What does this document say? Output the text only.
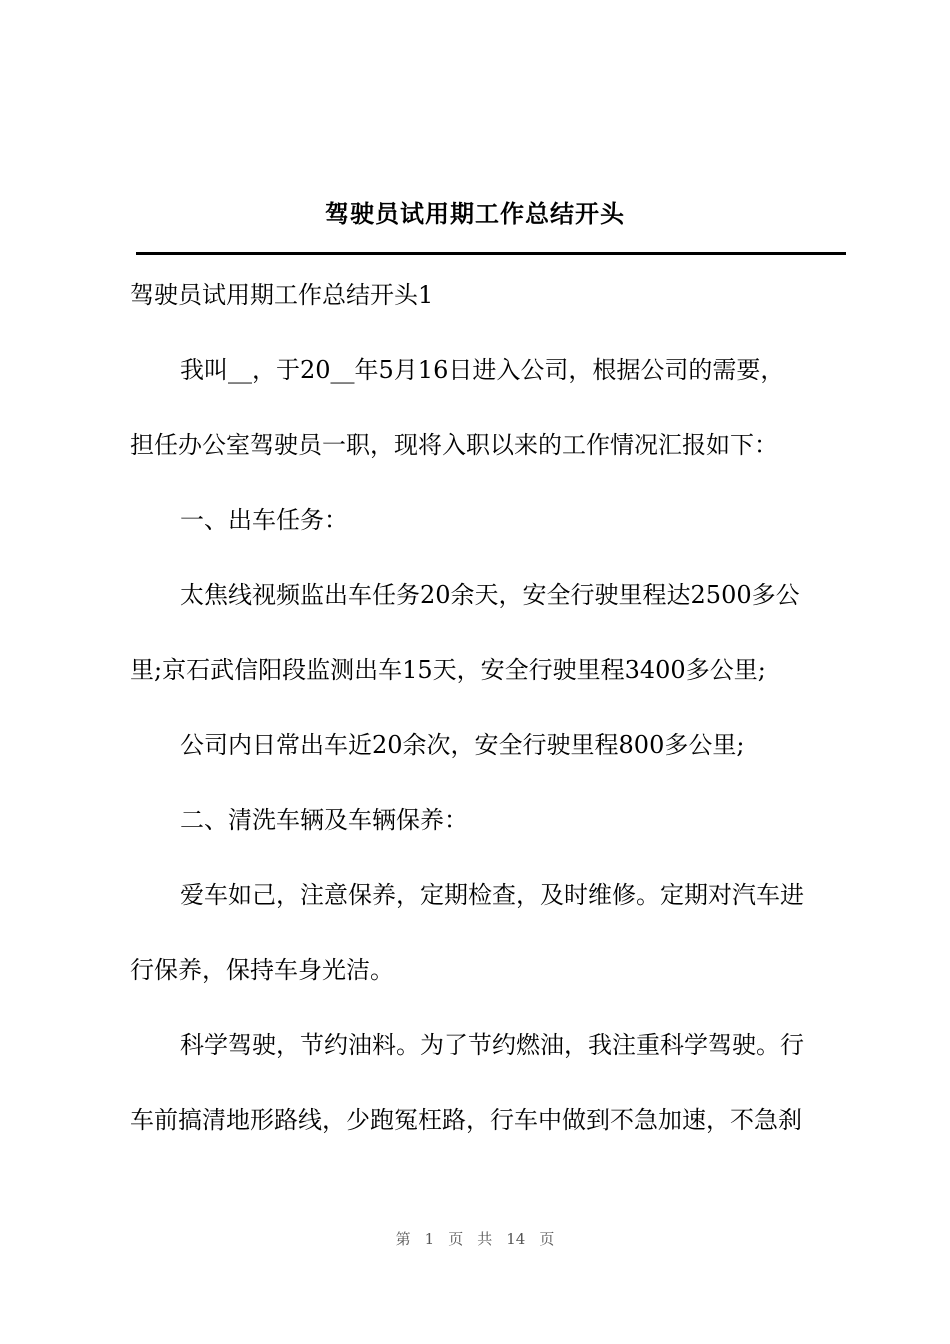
驾驶员试用期工作总结开头
驾驶员试用期工作总结开头1
我叫__，于20__年5月16日进入公司，根据公司的需要，
担任办公室驾驶员一职，现将入职以来的工作情况汇报如下：
一、出车任务：
太焦线视频监出车任务20余天，安全行驶里程达2500多公
里;京石武信阳段监测出车15天，安全行驶里程3400多公里;
公司内日常出车近20余次，安全行驶里程800多公里;
二、清洗车辆及车辆保养：
爱车如己，注意保养，定期检查，及时维修。定期对汽车进
行保养，保持车身光洁。
科学驾驶，节约油料。为了节约燃油，我注重科学驾驶。行
车前搞清地形路线，少跑冤枉路，行车中做到不急加速，不急刹
第 1 页 共 14 页
